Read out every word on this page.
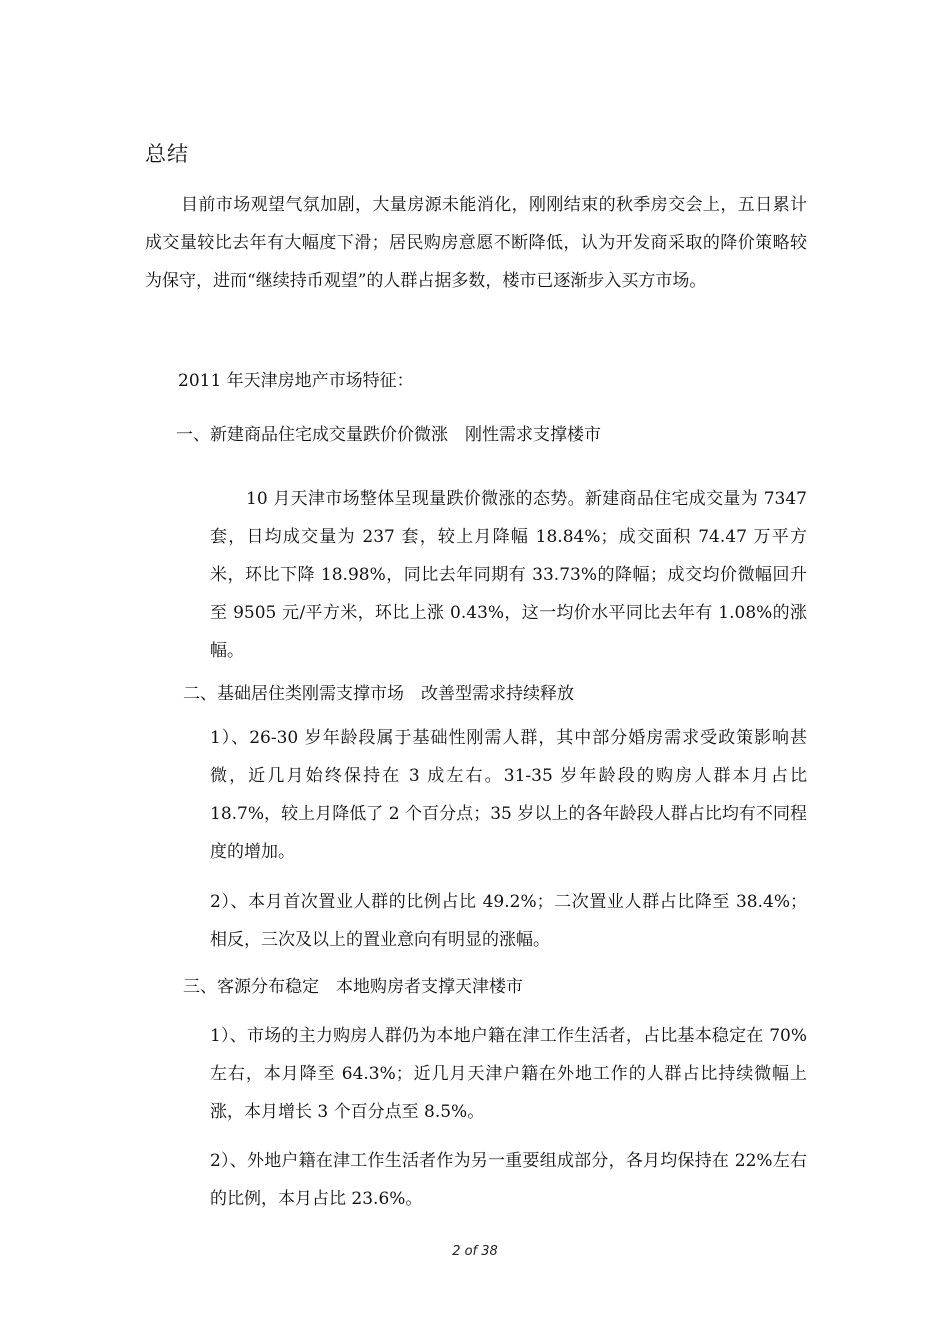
总结
目前市场观望气氛加剧，大量房源未能消化，刚刚结束的秋季房交会上，五日累计成交量较比去年有大幅度下滑；居民购房意愿不断降低，认为开发商采取的降价策略较为保守，进而“继续持币观望”的人群占据多数，楼市已逐渐步入买方市场。
2011 年天津房地产市场特征：
一、新建商品住宅成交量跌价价微涨　刚性需求支撑楼市
10 月天津市场整体呈现量跌价微涨的态势。新建商品住宅成交量为 7347 套，日均成交量为 237 套，较上月降幅 18.84%；成交面积 74.47 万平方米，环比下降 18.98%，同比去年同期有 33.73%的降幅；成交均价微幅回升至 9505 元/平方米，环比上涨 0.43%，这一均价水平同比去年有 1.08%的涨幅。
二、基础居住类刚需支撑市场　改善型需求持续释放
1）、26-30 岁年龄段属于基础性刚需人群，其中部分婚房需求受政策影响甚微，近几月始终保持在 3 成左右。31-35 岁年龄段的购房人群本月占比 18.7%，较上月降低了 2 个百分点；35 岁以上的各年龄段人群占比均有不同程度的增加。
2）、本月首次置业人群的比例占比 49.2%；二次置业人群占比降至 38.4%；相反，三次及以上的置业意向有明显的涨幅。
三、客源分布稳定　本地购房者支撑天津楼市
1）、市场的主力购房人群仍为本地户籍在津工作生活者，占比基本稳定在 70%左右，本月降至 64.3%；近几月天津户籍在外地工作的人群占比持续微幅上涨，本月增长 3 个百分点至 8.5%。
2）、外地户籍在津工作生活者作为另一重要组成部分，各月均保持在 22%左右的比例，本月占比 23.6%。
2 of 38
